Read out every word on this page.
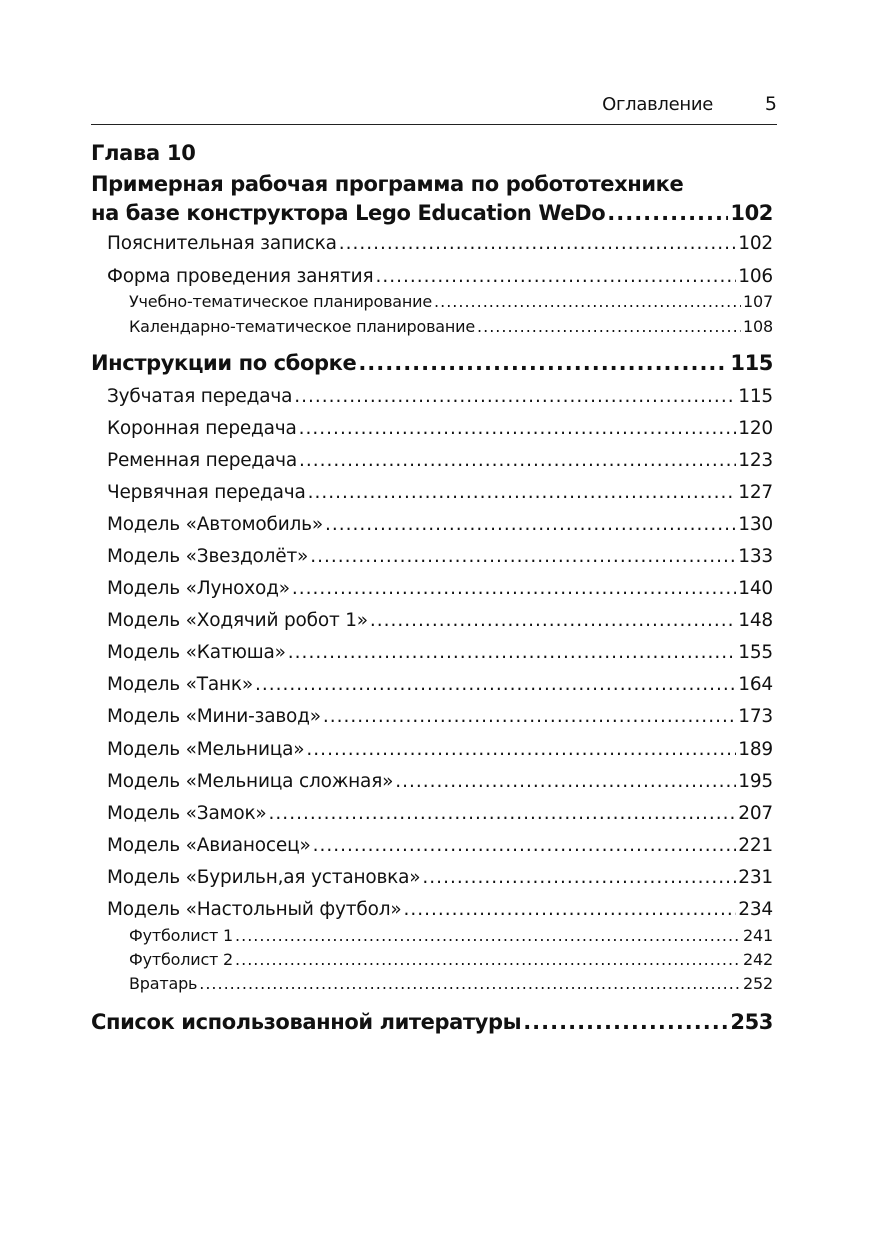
Оглавление	5
Глава 10
Примерная рабочая программа по робототехнике
на базе конструктора Lego Education WeDo .....	102
Пояснительная записка .....	102
Форма проведения занятия .....	106
Учебно-тематическое планирование .....	107
Календарно-тематическое планирование .....	108
Инструкции по сборке .....	115
Зубчатая передача .....	115
Коронная передача .....	120
Ременная передача .....	123
Червячная передача .....	127
Модель «Автомобиль» .....	130
Модель «Звездолёт» .....	133
Модель «Луноход» .....	140
Модель «Ходячий робот 1» .....	148
Модель «Катюша» .....	155
Модель «Танк» .....	164
Модель «Мини-завод» .....	173
Модель «Мельница» .....	189
Модель «Мельница сложная» .....	195
Модель «Замок» .....	207
Модель «Авианосец» .....	221
Модель «Бурильн,ая установка» .....	231
Модель «Настольный футбол» .....	234
Футболист 1 .....	241
Футболист 2 .....	242
Вратарь .....	252
Список использованной литературы .....	253
